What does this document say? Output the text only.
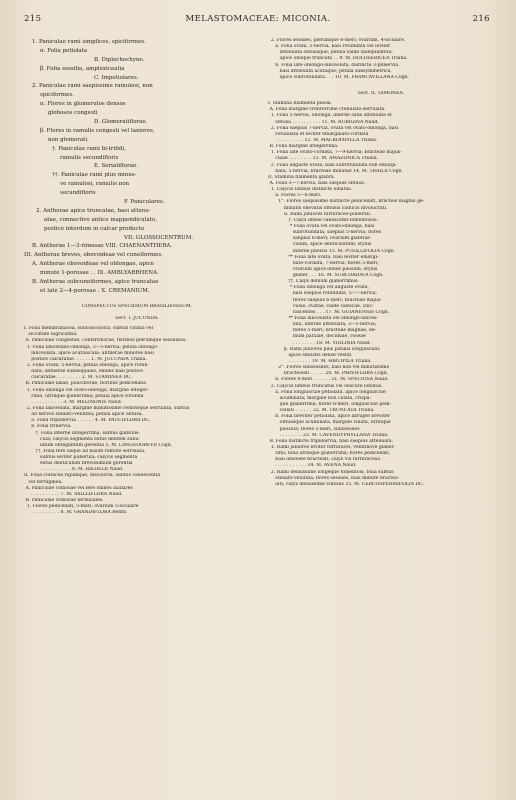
215	MELASTOMACEAE: MICONIA.	216
1. Paniculae rami simplices, spiciformes.
α. Folia petiolata
B. Diplochochyne.
β. Folia sessilia, amplexicaulia
C. Impetiolares.
2. Paniculae rami saepissime ramulosi, non
spiciformes.
α. Flores in glomerulos densos
globosos congesti
D. Glomeratiflorae.
β. Flores in ramulis congesti vel laxiores,
non glomerati.
†. Paniculae rami bi-trifidi,
ramulis secundifloris
E. Seriatiflorae.
††. Paniculae rami plus minus-
ve ramulosi, ramulis non
secundifloris
F. Paniculares.
2. Antherae apice truncatae, basi attenu-
atae, connectivo antice inappendiculato,
postice interdum in calcar producto
VII. GLOSSOCENTRUM.
B. Antherae 1—3-rimosae VIII. CHAENANTHERA.
III. Antherae breves, obovoideae vel cuneiformes.
A. Antherae obovoideae vel oblongae, apice
minute 1-porosae . . IX. AMBLYARRHENA.
B. Antherae subcuneiformes, apice truncatae
et late 2—4-porosae . X. CREMANIUM.
CONSPECTUS SPECIERUM BRASILIENSIUM.
Sect. I. JUCUNDA.
I. Folia membranacea, subconcoloria, subtus viridia vel
sicciitate nigricantia.
A. Paniculae congestae, confertiflorae, floribus plerumque sessilibus.
1. Folia lanceolato-oblonga, 3—5-nervia; petala oblongo-
lanceolata, apice acutiuscula; antherae minores basi
postice calcaratae. . . . . . 1. M. JUCUNDA Triana.
2. Folia ovata, 5-nervia; petala oblonga, apice rotun-
data; antherae subaequales, omnes basi postice
calcaratae. . . . . . . . . 2. M. STAMINEA DC.
B. Paniculae laxae, pauciflorae, floribus pedicellatis.
1. Folia oblonga vel ovato-oblonga, margine integer-
rima, utrinque glaberrima; petala apice rotunda
. . . . . . . . . . . 3. M. MELINONIS Naud.
2. Folia lanceolata, margine minutissime remoteque serrulata, subtus
ad nervos stellato-velutina; petala apice obtusa.
a. Folia triplinervia . . . . . . 4. M. PAUCIFLORA DC.
b. Folia trinervia.
†. Folia inferne integerrima, subtus glabrius-
cula; calycis segmenta extus dentem subu-
latum obtegantum gerentia 5. M. LANGSDORFFII Cogn.
††. Folia fere usque ad basim remote serrulata,
subtus leviter puberula; calycis segmenta
extus denticulum brevissimum gerentia
. . . . . . . . . . . 6. M. RIEDELII Naud.
II. Folia coriacea rigidaque, discoloria, subtus canescentia
vel ferruginea.
A. Paniculae comosae vel fere omnes axillares
. . . . . . . . . . 7. M. AXILLIFLORA Naud.
B. Paniculae comosae terminales.
1. Flores pedicellati, 5-meri; ovarium 5-loculare
. . . . . . . . . . 8. M. GRANDIFLORA Benth.
2. Flores sessiles, plerumque 6-meri; ovarium. 4-loculare.
a. Folia ovata, 5-nervia, basi rotundata vel leviter
attenuata obtusaque; petala valde inaequilatera,
apice oblique truncata . . 9. M. HOLOSERICEA Triana.
b. Folia late oblongo-lanceolata, distincte 3-plinervia,
basi attenuata acutaque; petala subsymmetrica,
apice subrotundata . . . 10. M. FRANCAVILLANA Cogn.
Sect. II. TAMONEA.
I. Stamina filamenta pilosa.
A. Folia margine crebrerrime crenulato-serrulata.
1. Folia 5-nervia, oblonga, inferne satis attenuata et
obtusa . . . . . . . . . . 11. M. RUBIGINA Naud.
2. Folia saepius 7-nervia, ovata vel ovato-oblonga, basi
rotundata et leviter emarginato-cordata
. . . . . . . . . . 12. M. MACROPHYLLA Triana.
B. Folia margine integerrima.
1. Folia late ovato-cordata, 7—9-nervia; bracteae majus-
culae . . . . . . . . 13. M. AMAZONICA Triana.
2. Folia anguste ovata, basi subrotundata non emargi-
nata, 5-nervia; bracteae minutae 14. M. TRAILII Cogn.
II. Stamina filamenta glabra.
A. Folia 3—7-nervia, basi saepius obtusa.
1. Calycis limbus distincte lobatus.
a. Flores 5—6-meri.
1°. Flores saepissime distincte pedicellati, bracteis magnis ge-
minatis obovatis obtusis caducis involucrati.
α. Rami juniores furfuraceo-puberuli.
†. Calyx dense canescenti-tomentosus.
* Folia ovata vel ovato-oblonga, basi
subrotundata, saepius 5-nervia; flores
saepius 6-meri; ovarium glabrius-
culum, apice denticulatum; stylus
inferne pilosus 15. M. PUSILLIFOLIA Cogn.
** Folia late ovata, basi leviter emargi-
nato-cordata, 7-nervia; flores 5-meri;
ovarium apice dense pilosum; stylus
glaber . . . 16. M. SUBCORDATA Cogn.
††. Calyx demum glaberrimus.
* Folia oblonga vel anguste ovata,
basi saepius rotundata, 5—7-nervia;
flores saepius 6-meri; bracteae majus-
culae, ovatae, valde caducae, cinc-
rascentes . . . 17. M. GUIANENSIS Cogn.
** Folia lanceolata vel oblongo-lanceo-
lata, inferne attenuata, 3—5-nervia;
flores 5-meri; bracteae magnae, de-
mum patulae, deciduae, roseae
. . . . . . . . 18. M. VIOLINIA Naud.
β. Rami juniores pilis patulis longiusculis
apice stellatis dense vestiti
. . . . . . . . 19. M. HIRTIPILA Triana.
2°. Flores subsessiles, basi non vel minutissime
bracteolati . . . . . 20. M. PARVIFLORA Cogn.
b. Flores 8-meri . . . . . . 21. M. SPECIOSA Naud.
2. Calycis limbus truncatus vel obscure lobatus.
a. Folia longiuscule petiolata, apice longiuscule
acuminata; margine non ciliata, crispa-
que glaberrima; flores 6-meri, longiuscule pedi-
cellati . . . . . . 22. M. TRUNCATA Triana.
b. Folia breviter petiolata, apice abrupte breviter
obtuseque acuminata, margine ciliata, utrinque
pilosula; flores 5-meri, subsessiles
. . . . . . . . 23. M. CAVENDYPHYLLANA Triana.
B. Folia distincte triplinervia, basi saepius attenuata.
1. Rami juniores leviter furfuracei, velutinove glaber-
rimi; folia utrinque glaberrima; flores pedicellati,
basi obsolete bracteati; calyx vix furfuraceus
. . . . . . . . . . . 24. M. AVENA Naud.
2. Rami densissime longeque tomentosi; folia subtus
stellato-velutina; flores sessiles, basi minute bracteo-
lati; calyx densissime villosus 25. M. CERCOSPERMIFOLIA DC.
